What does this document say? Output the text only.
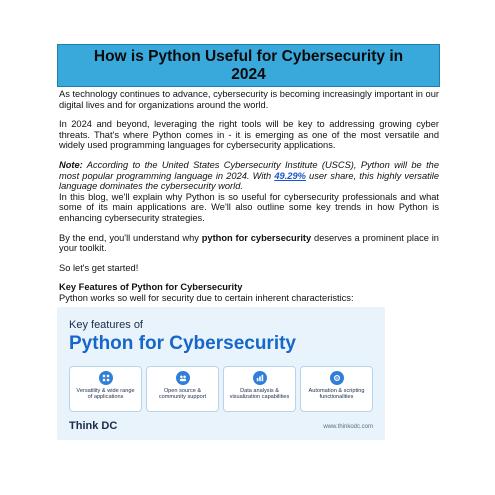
How is Python Useful for Cybersecurity in 2024

As technology continues to advance, cybersecurity is becoming increasingly important in our digital lives and for organizations around the world.

In 2024 and beyond, leveraging the right tools will be key to addressing growing cyber threats. That's where Python comes in - it is emerging as one of the most versatile and widely used programming languages for cybersecurity applications.

Note: According to the United States Cybersecurity Institute (USCS), Python will be the most popular programming language in 2024. With 49.29% user share, this highly versatile language dominates the cybersecurity world.

In this blog, we'll explain why Python is so useful for cybersecurity professionals and what some of its main applications are. We'll also outline some key trends in how Python is enhancing cybersecurity strategies.

By the end, you'll understand why python for cybersecurity deserves a prominent place in your toolkit.

So let's get started!

Key Features of Python for Cybersecurity

Python works so well for security due to certain inherent characteristics:

Key features of
Python for Cybersecurity
Versatility & wide range of applications
Open source & community support
Data analysis & visualization capabilities
Automation & scripting functionalities
Think DC	www.thinkodc.com
